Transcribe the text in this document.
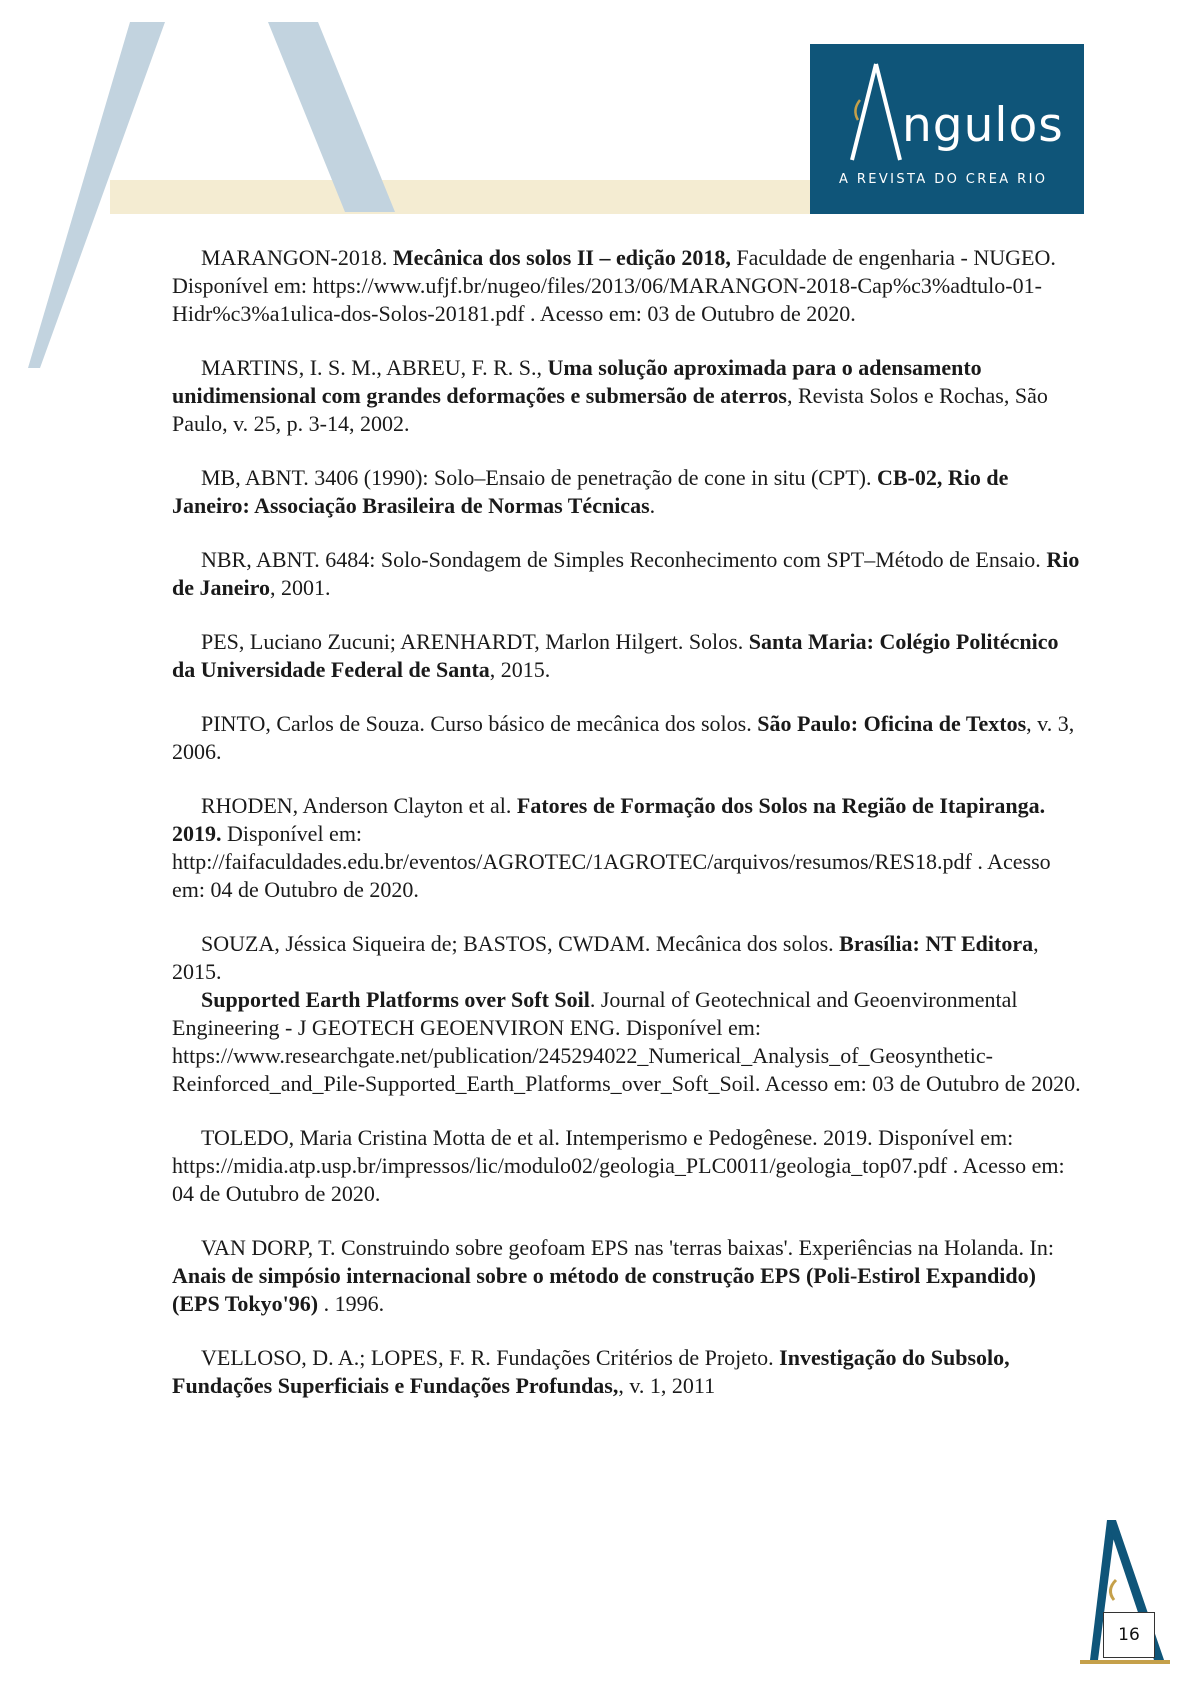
ngulos
A REVISTA DO CREA RIO

MARANGON-2018. Mecânica dos solos II – edição 2018, Faculdade de engenharia - NUGEO. Disponível em: https://www.ufjf.br/nugeo/files/2013/06/MARANGON-2018-Cap%c3%adtulo-01-Hidr%c3%a1ulica-dos-Solos-20181.pdf . Acesso em: 03 de Outubro de 2020.

MARTINS, I. S. M., ABREU, F. R. S., Uma solução aproximada para o adensamento unidimensional com grandes deformações e submersão de aterros, Revista Solos e Rochas, São Paulo, v. 25, p. 3-14, 2002.

MB, ABNT. 3406 (1990): Solo–Ensaio de penetração de cone in situ (CPT). CB-02, Rio de Janeiro: Associação Brasileira de Normas Técnicas.

NBR, ABNT. 6484: Solo-Sondagem de Simples Reconhecimento com SPT–Método de Ensaio. Rio de Janeiro, 2001.

PES, Luciano Zucuni; ARENHARDT, Marlon Hilgert. Solos. Santa Maria: Colégio Politécnico da Universidade Federal de Santa, 2015.

PINTO, Carlos de Souza. Curso básico de mecânica dos solos. São Paulo: Oficina de Textos, v. 3, 2006.

RHODEN, Anderson Clayton et al. Fatores de Formação dos Solos na Região de Itapiranga. 2019. Disponível em: http://faifaculdades.edu.br/eventos/AGROTEC/1AGROTEC/arquivos/resumos/RES18.pdf . Acesso em: 04 de Outubro de 2020.

SOUZA, Jéssica Siqueira de; BASTOS, CWDAM. Mecânica dos solos. Brasília: NT Editora, 2015.

Supported Earth Platforms over Soft Soil. Journal of Geotechnical and Geoenvironmental Engineering - J GEOTECH GEOENVIRON ENG. Disponível em: https://www.researchgate.net/publication/245294022_Numerical_Analysis_of_Geosynthetic-Reinforced_and_Pile-Supported_Earth_Platforms_over_Soft_Soil. Acesso em: 03 de Outubro de 2020.

TOLEDO, Maria Cristina Motta de et al. Intemperismo e Pedogênese. 2019. Disponível em: https://midia.atp.usp.br/impressos/lic/modulo02/geologia_PLC0011/geologia_top07.pdf . Acesso em: 04 de Outubro de 2020.

VAN DORP, T. Construindo sobre geofoam EPS nas 'terras baixas'. Experiências na Holanda. In: Anais de simpósio internacional sobre o método de construção EPS (Poli-Estirol Expandido) (EPS Tokyo'96) . 1996.

VELLOSO, D. A.; LOPES, F. R. Fundações Critérios de Projeto. Investigação do Subsolo, Fundações Superficiais e Fundações Profundas,, v. 1, 2011

16
